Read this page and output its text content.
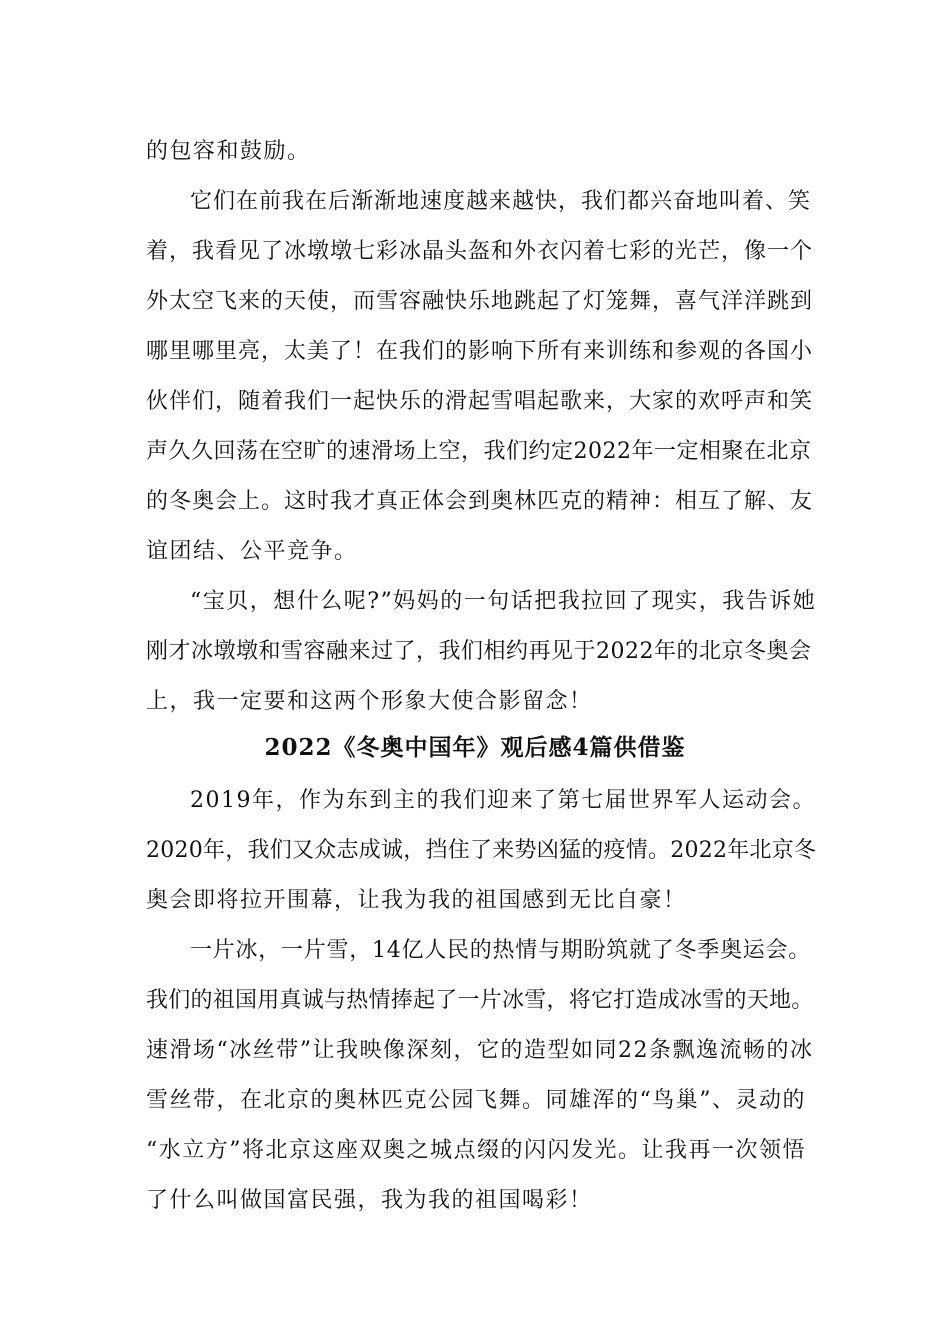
的包容和鼓励。
它们在前我在后渐渐地速度越来越快，我们都兴奋地叫着、笑
着，我看见了冰墩墩七彩冰晶头盔和外衣闪着七彩的光芒，像一个
外太空飞来的天使，而雪容融快乐地跳起了灯笼舞，喜气洋洋跳到
哪里哪里亮，太美了！在我们的影响下所有来训练和参观的各国小
伙伴们，随着我们一起快乐的滑起雪唱起歌来，大家的欢呼声和笑
声久久回荡在空旷的速滑场上空，我们约定2022年一定相聚在北京
的冬奥会上。这时我才真正体会到奥林匹克的精神：相互了解、友
谊团结、公平竞争。
“宝贝，想什么呢?”妈妈的一句话把我拉回了现实，我告诉她
刚才冰墩墩和雪容融来过了，我们相约再见于2022年的北京冬奥会
上，我一定要和这两个形象大使合影留念！
2022《冬奥中国年》观后感4篇供借鉴
2019年，作为东到主的我们迎来了第七届世界军人运动会。
2020年，我们又众志成诚，挡住了来势凶猛的疫情。2022年北京冬
奥会即将拉开围幕，让我为我的祖国感到无比自豪！
一片冰，一片雪，14亿人民的热情与期盼筑就了冬季奥运会。
我们的祖国用真诚与热情捧起了一片冰雪，将它打造成冰雪的天地。
速滑场“冰丝带”让我映像深刻，它的造型如同22条飘逸流畅的冰
雪丝带，在北京的奥林匹克公园飞舞。同雄浑的“鸟巢”、灵动的
“水立方”将北京这座双奥之城点缀的闪闪发光。让我再一次领悟
了什么叫做国富民强，我为我的祖国喝彩！
